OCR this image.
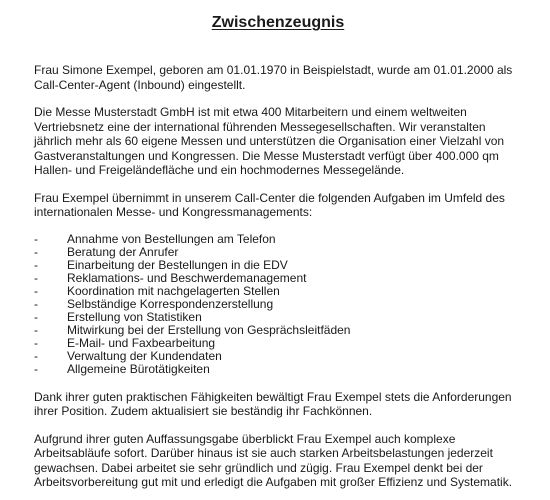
Zwischenzeugnis

Frau Simone Exempel, geboren am 01.01.1970 in Beispielstadt, wurde am 01.01.2000 als Call-Center-Agent (Inbound) eingestellt.

Die Messe Musterstadt GmbH ist mit etwa 400 Mitarbeitern und einem weltweiten Vertriebsnetz eine der international führenden Messegesellschaften. Wir veranstalten jährlich mehr als 60 eigene Messen und unterstützen die Organisation einer Vielzahl von Gastveranstaltungen und Kongressen. Die Messe Musterstadt verfügt über 400.000 qm Hallen- und Freigeländefläche und ein hochmodernes Messegelände.

Frau Exempel übernimmt in unserem Call-Center die folgenden Aufgaben im Umfeld des internationalen Messe- und Kongressmanagements:

- Annahme von Bestellungen am Telefon
- Beratung der Anrufer
- Einarbeitung der Bestellungen in die EDV
- Reklamations- und Beschwerdemanagement
- Koordination mit nachgelagerten Stellen
- Selbständige Korrespondenzerstellung
- Erstellung von Statistiken
- Mitwirkung bei der Erstellung von Gesprächsleitfäden
- E-Mail- und Faxbearbeitung
- Verwaltung der Kundendaten
- Allgemeine Bürotätigkeiten

Dank ihrer guten praktischen Fähigkeiten bewältigt Frau Exempel stets die Anforderungen ihrer Position. Zudem aktualisiert sie beständig ihr Fachkönnen.

Aufgrund ihrer guten Auffassungsgabe überblickt Frau Exempel auch komplexe Arbeitsabläufe sofort. Darüber hinaus ist sie auch starken Arbeitsbelastungen jederzeit gewachsen. Dabei arbeitet sie sehr gründlich und zügig. Frau Exempel denkt bei der Arbeitsvorbereitung gut mit und erledigt die Aufgaben mit großer Effizienz und Systematik.
